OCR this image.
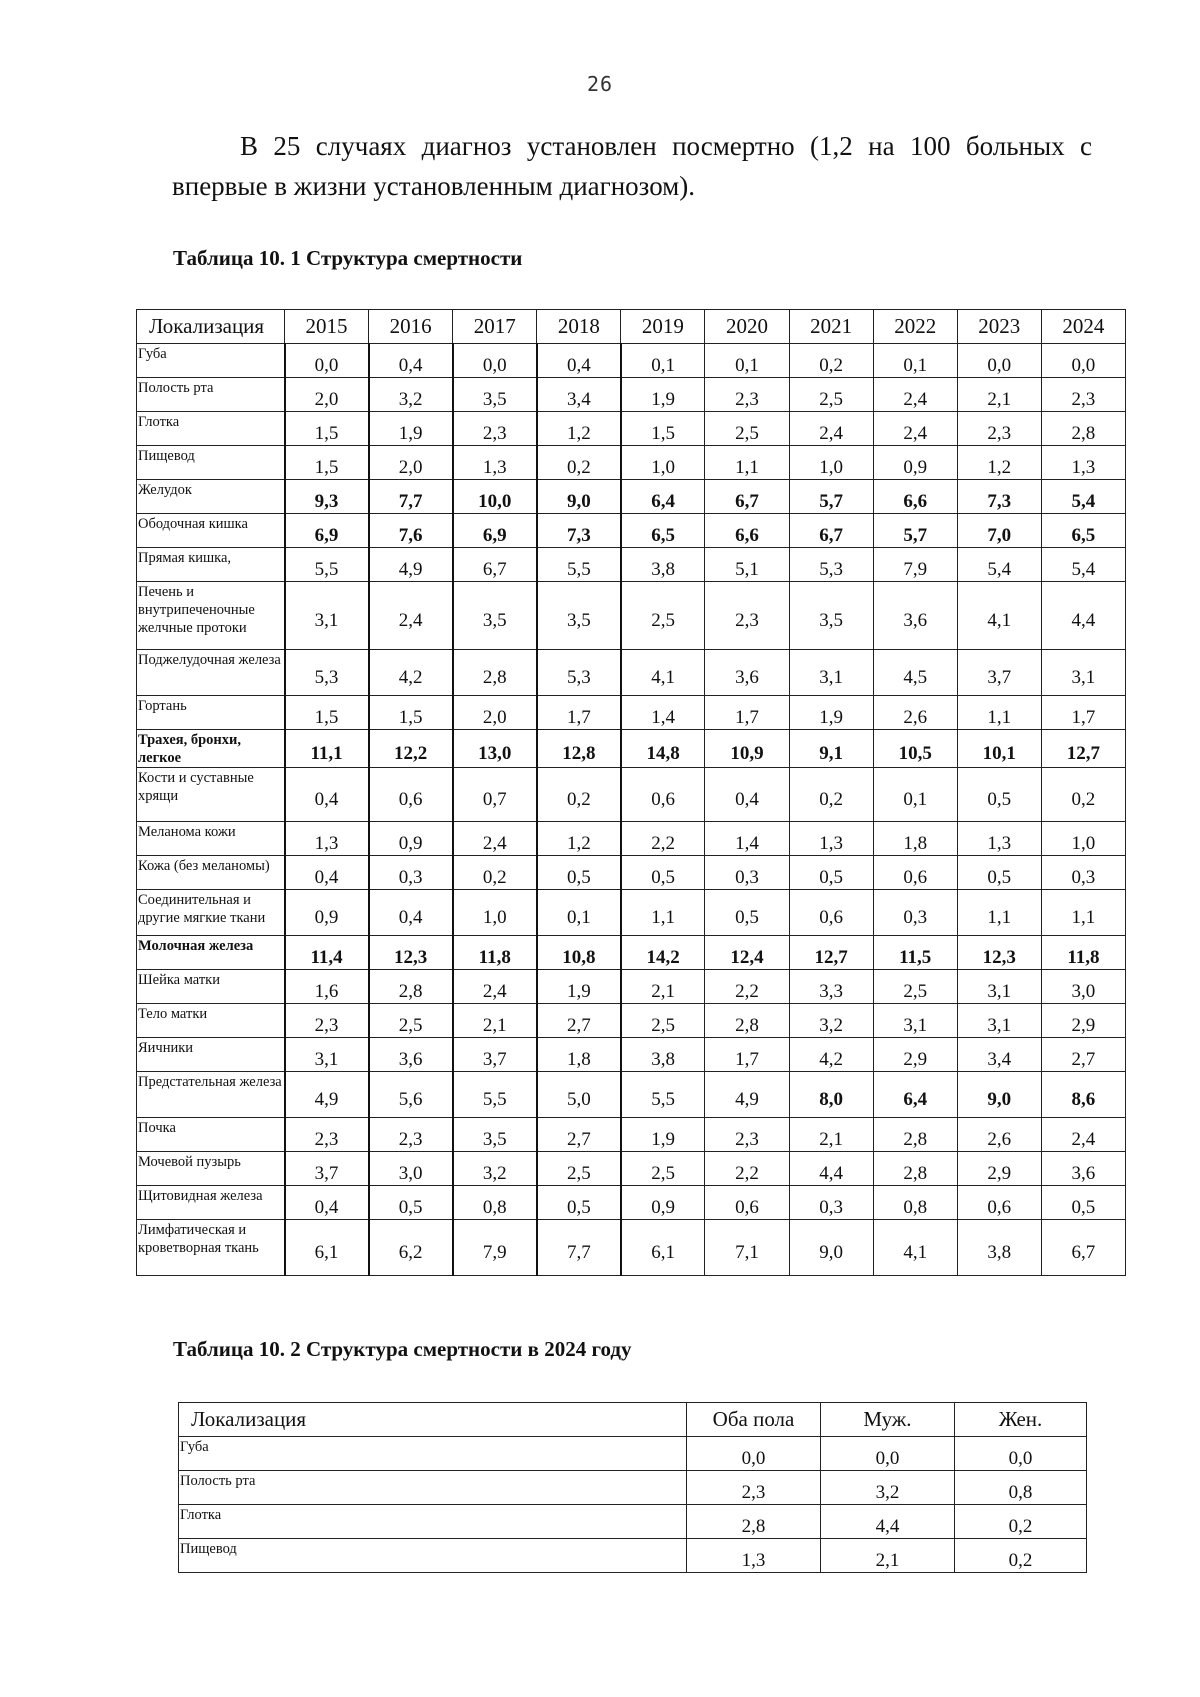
26
В 25 случаях диагноз установлен посмертно (1,2 на 100 больных с впервые в жизни установленным диагнозом).
Таблица 10. 1 Структура смертности
Локализация	2015	2016	2017	2018	2019	2020	2021	2022	2023	2024
Губа	0,0	0,4	0,0	0,4	0,1	0,1	0,2	0,1	0,0	0,0
Полость рта	2,0	3,2	3,5	3,4	1,9	2,3	2,5	2,4	2,1	2,3
Глотка	1,5	1,9	2,3	1,2	1,5	2,5	2,4	2,4	2,3	2,8
Пищевод	1,5	2,0	1,3	0,2	1,0	1,1	1,0	0,9	1,2	1,3
Желудок	9,3	7,7	10,0	9,0	6,4	6,7	5,7	6,6	7,3	5,4
Ободочная кишка	6,9	7,6	6,9	7,3	6,5	6,6	6,7	5,7	7,0	6,5
Прямая кишка,	5,5	4,9	6,7	5,5	3,8	5,1	5,3	7,9	5,4	5,4
Печень и внутрипеченочные желчные протоки	3,1	2,4	3,5	3,5	2,5	2,3	3,5	3,6	4,1	4,4
Поджелудочная железа	5,3	4,2	2,8	5,3	4,1	3,6	3,1	4,5	3,7	3,1
Гортань	1,5	1,5	2,0	1,7	1,4	1,7	1,9	2,6	1,1	1,7
Трахея, бронхи, легкое	11,1	12,2	13,0	12,8	14,8	10,9	9,1	10,5	10,1	12,7
Кости и суставные хрящи	0,4	0,6	0,7	0,2	0,6	0,4	0,2	0,1	0,5	0,2
Меланома кожи	1,3	0,9	2,4	1,2	2,2	1,4	1,3	1,8	1,3	1,0
Кожа (без меланомы)	0,4	0,3	0,2	0,5	0,5	0,3	0,5	0,6	0,5	0,3
Соединительная и другие мягкие ткани	0,9	0,4	1,0	0,1	1,1	0,5	0,6	0,3	1,1	1,1
Молочная железа	11,4	12,3	11,8	10,8	14,2	12,4	12,7	11,5	12,3	11,8
Шейка матки	1,6	2,8	2,4	1,9	2,1	2,2	3,3	2,5	3,1	3,0
Тело матки	2,3	2,5	2,1	2,7	2,5	2,8	3,2	3,1	3,1	2,9
Яичники	3,1	3,6	3,7	1,8	3,8	1,7	4,2	2,9	3,4	2,7
Предстательная железа	4,9	5,6	5,5	5,0	5,5	4,9	8,0	6,4	9,0	8,6
Почка	2,3	2,3	3,5	2,7	1,9	2,3	2,1	2,8	2,6	2,4
Мочевой пузырь	3,7	3,0	3,2	2,5	2,5	2,2	4,4	2,8	2,9	3,6
Щитовидная железа	0,4	0,5	0,8	0,5	0,9	0,6	0,3	0,8	0,6	0,5
Лимфатическая и кроветворная ткань	6,1	6,2	7,9	7,7	6,1	7,1	9,0	4,1	3,8	6,7
Таблица 10. 2 Структура смертности в 2024 году
Локализация	Оба пола	Муж.	Жен.
Губа	0,0	0,0	0,0
Полость рта	2,3	3,2	0,8
Глотка	2,8	4,4	0,2
Пищевод	1,3	2,1	0,2
